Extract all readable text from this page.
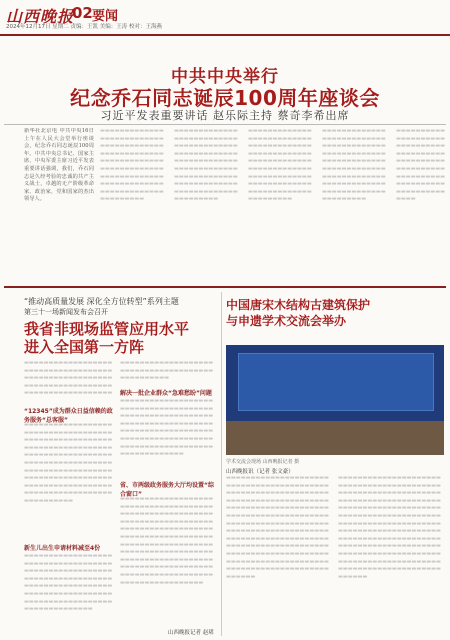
山西晚报
02 要闻
2024年12月17日 星期二 责编：王凯 美编：王涛 校对：王海燕
中共中央举行
纪念乔石同志诞辰100周年座谈会
习近平发表重要讲话 赵乐际主持 蔡奇李希出席

新华社北京电 中共中央16日上午在人民大会堂举行座谈会，纪念乔石同志诞辰100周年。中共中央总书记、国家主席、中央军委主席习近平发表重要讲话强调，我们，乔石同志是久经考验的忠诚的共产主义战士，卓越的无产阶级革命家、政治家，党和国家的杰出领导人。

▬▬▬▬▬▬▬▬▬▬▬▬▬▬▬▬▬▬▬▬▬▬▬▬▬▬▬▬▬▬▬▬▬▬▬▬▬▬▬▬▬▬▬▬▬▬▬▬▬▬▬▬▬▬▬▬▬▬▬▬▬▬▬▬▬▬▬▬▬▬▬▬▬▬▬▬▬▬▬▬▬▬▬▬▬▬▬▬▬▬▬▬▬▬▬▬▬▬▬▬▬▬▬▬▬▬▬▬▬▬▬▬▬▬▬▬▬▬▬▬▬▬▬▬▬▬
▬▬▬▬▬▬▬▬▬▬▬▬▬▬▬▬▬▬▬▬▬▬▬▬▬▬▬▬▬▬▬▬▬▬▬▬▬▬▬▬▬▬▬▬▬▬▬▬▬▬▬▬▬▬▬▬▬▬▬▬▬▬▬▬▬▬▬▬▬▬▬▬▬▬▬▬▬▬▬▬▬▬▬▬▬▬▬▬▬▬▬▬▬▬▬▬▬▬▬▬▬▬▬▬▬▬▬▬▬▬▬▬▬▬▬▬▬▬▬▬▬▬▬▬▬▬
▬▬▬▬▬▬▬▬▬▬▬▬▬▬▬▬▬▬▬▬▬▬▬▬▬▬▬▬▬▬▬▬▬▬▬▬▬▬▬▬▬▬▬▬▬▬▬▬▬▬▬▬▬▬▬▬▬▬▬▬▬▬▬▬▬▬▬▬▬▬▬▬▬▬▬▬▬▬▬▬▬▬▬▬▬▬▬▬▬▬▬▬▬▬▬▬▬▬▬▬▬▬▬▬▬▬▬▬▬▬▬▬▬▬▬▬▬▬▬▬▬▬▬▬▬▬
▬▬▬▬▬▬▬▬▬▬▬▬▬▬▬▬▬▬▬▬▬▬▬▬▬▬▬▬▬▬▬▬▬▬▬▬▬▬▬▬▬▬▬▬▬▬▬▬▬▬▬▬▬▬▬▬▬▬▬▬▬▬▬▬▬▬▬▬▬▬▬▬▬▬▬▬▬▬▬▬▬▬▬▬▬▬▬▬▬▬▬▬▬▬▬▬▬▬▬▬▬▬▬▬▬▬▬▬▬▬▬▬▬▬▬▬▬▬▬▬▬▬▬▬▬▬
▬▬▬▬▬▬▬▬▬▬▬▬▬▬▬▬▬▬▬▬▬▬▬▬▬▬▬▬▬▬▬▬▬▬▬▬▬▬▬▬▬▬▬▬▬▬▬▬▬▬▬▬▬▬▬▬▬▬▬▬▬▬▬▬▬▬▬▬▬▬▬▬▬▬▬▬▬▬▬▬▬▬▬▬▬▬▬▬▬▬▬▬▬▬
“推动高质量发展 深化全方位转型”系列主题
第三十一场新闻发布会召开
我省非现场监管应用水平
进入全国第一方阵
▬▬▬▬▬▬▬▬▬▬▬▬▬▬▬▬▬▬▬▬▬▬▬▬▬▬▬▬▬▬▬▬▬▬▬▬▬▬▬▬▬▬▬▬▬▬▬▬▬▬▬▬▬▬▬▬▬▬▬▬▬▬▬▬▬▬▬▬▬▬▬▬▬▬▬▬▬▬▬▬▬▬▬▬▬▬▬▬▬▬
“12345”成为群众日益信赖的政务服务“总客服”
▬▬▬▬▬▬▬▬▬▬▬▬▬▬▬▬▬▬▬▬▬▬▬▬▬▬▬▬▬▬▬▬▬▬▬▬▬▬▬▬▬▬▬▬▬▬▬▬▬▬▬▬▬▬▬▬▬▬▬▬▬▬▬▬▬▬▬▬▬▬▬▬▬▬▬▬▬▬▬▬▬▬▬▬▬▬▬▬▬▬▬▬▬▬▬▬▬▬▬▬▬▬▬▬▬▬▬▬▬▬▬▬▬▬▬▬▬▬▬▬▬▬▬▬▬▬▬▬▬▬▬▬▬▬▬▬▬▬▬▬▬▬▬▬▬▬▬▬▬▬▬▬▬▬▬▬▬▬▬▬▬▬▬▬▬▬▬▬▬▬▬▬▬▬▬▬▬▬▬▬▬▬▬▬▬▬▬▬▬▬
新生儿出生申请材料减至4份
▬▬▬▬▬▬▬▬▬▬▬▬▬▬▬▬▬▬▬▬▬▬▬▬▬▬▬▬▬▬▬▬▬▬▬▬▬▬▬▬▬▬▬▬▬▬▬▬▬▬▬▬▬▬▬▬▬▬▬▬▬▬▬▬▬▬▬▬▬▬▬▬▬▬▬▬▬▬▬▬▬▬▬▬▬▬▬▬▬▬▬▬▬▬▬▬▬▬▬▬▬▬▬▬▬▬▬▬▬▬▬▬▬▬▬▬▬▬▬▬▬▬▬▬▬▬▬▬▬▬▬▬▬▬▬▬▬▬▬▬
▬▬▬▬▬▬▬▬▬▬▬▬▬▬▬▬▬▬▬▬▬▬▬▬▬▬▬▬▬▬▬▬▬▬▬▬▬▬▬▬▬▬▬▬▬▬▬▬
解决一批企业群众“急难愁盼”问题
▬▬▬▬▬▬▬▬▬▬▬▬▬▬▬▬▬▬▬▬▬▬▬▬▬▬▬▬▬▬▬▬▬▬▬▬▬▬▬▬▬▬▬▬▬▬▬▬▬▬▬▬▬▬▬▬▬▬▬▬▬▬▬▬▬▬▬▬▬▬▬▬▬▬▬▬▬▬▬▬▬▬▬▬▬▬▬▬▬▬▬▬▬▬▬▬▬▬▬▬▬▬▬▬▬▬▬▬▬▬▬▬▬▬▬▬▬▬▬▬▬▬▬▬▬▬▬▬▬▬▬▬▬▬▬▬▬▬▬▬▬▬▬▬▬▬
省、市两级政务服务大厅均设置“综合窗口”
▬▬▬▬▬▬▬▬▬▬▬▬▬▬▬▬▬▬▬▬▬▬▬▬▬▬▬▬▬▬▬▬▬▬▬▬▬▬▬▬▬▬▬▬▬▬▬▬▬▬▬▬▬▬▬▬▬▬▬▬▬▬▬▬▬▬▬▬▬▬▬▬▬▬▬▬▬▬▬▬▬▬▬▬▬▬▬▬▬▬▬▬▬▬▬▬▬▬▬▬▬▬▬▬▬▬▬▬▬▬▬▬▬▬▬▬▬▬▬▬▬▬▬▬▬▬▬▬▬▬▬▬▬▬▬▬▬▬▬▬▬▬▬▬▬▬▬▬▬▬▬▬▬▬▬▬▬▬▬▬▬▬▬▬▬▬▬▬▬▬▬▬▬▬▬▬▬▬▬▬▬▬▬▬▬▬▬▬▬▬▬▬▬▬▬▬▬▬▬▬▬▬▬▬▬▬▬▬▬▬▬▬▬▬▬▬▬▬▬▬▬▬▬▬▬▬
山西晚报记者 赵珺
中国唐宋木结构古建筑保护
与申遗学术交流会举办
学术交流会现场 山西晚报记者 摄
山西晚报讯（记者 张文豪）
▬▬▬▬▬▬▬▬▬▬▬▬▬▬▬▬▬▬▬▬▬▬▬▬▬▬▬▬▬▬▬▬▬▬▬▬▬▬▬▬▬▬▬▬▬▬▬▬▬▬▬▬▬▬▬▬▬▬▬▬▬▬▬▬▬▬▬▬▬▬▬▬▬▬▬▬▬▬▬▬▬▬▬▬▬▬▬▬▬▬▬▬▬▬▬▬▬▬▬▬▬▬▬▬▬▬▬▬▬▬▬▬▬▬▬▬▬▬▬▬▬▬▬▬▬▬▬▬▬▬▬▬▬▬▬▬▬▬▬▬▬▬▬▬▬▬▬▬▬▬▬▬▬▬▬▬▬▬▬▬▬▬▬▬▬▬▬▬▬▬▬▬▬▬▬▬▬▬▬▬▬▬▬▬▬▬▬▬▬▬▬▬▬▬▬▬▬▬▬▬▬▬▬▬▬▬▬▬▬▬▬▬▬▬▬▬▬▬▬▬▬▬▬▬▬▬▬▬▬▬▬▬▬▬▬▬▬▬▬▬▬▬▬▬▬▬▬▬▬▬▬▬▬▬▬▬▬▬▬▬▬▬▬▬▬▬▬▬▬▬▬▬▬▬▬▬▬▬▬
▬▬▬▬▬▬▬▬▬▬▬▬▬▬▬▬▬▬▬▬▬▬▬▬▬▬▬▬▬▬▬▬▬▬▬▬▬▬▬▬▬▬▬▬▬▬▬▬▬▬▬▬▬▬▬▬▬▬▬▬▬▬▬▬▬▬▬▬▬▬▬▬▬▬▬▬▬▬▬▬▬▬▬▬▬▬▬▬▬▬▬▬▬▬▬▬▬▬▬▬▬▬▬▬▬▬▬▬▬▬▬▬▬▬▬▬▬▬▬▬▬▬▬▬▬▬▬▬▬▬▬▬▬▬▬▬▬▬▬▬▬▬▬▬▬▬▬▬▬▬▬▬▬▬▬▬▬▬▬▬▬▬▬▬▬▬▬▬▬▬▬▬▬▬▬▬▬▬▬▬▬▬▬▬▬▬▬▬▬▬▬▬▬▬▬▬▬▬▬▬▬▬▬▬▬▬▬▬▬▬▬▬▬▬▬▬▬▬▬▬▬▬▬▬▬▬▬▬▬▬▬▬▬▬▬▬▬▬▬▬▬▬▬▬▬▬▬▬▬▬▬▬▬▬▬▬▬▬▬▬▬▬▬▬▬▬▬▬▬▬▬▬▬▬▬▬▬▬▬
